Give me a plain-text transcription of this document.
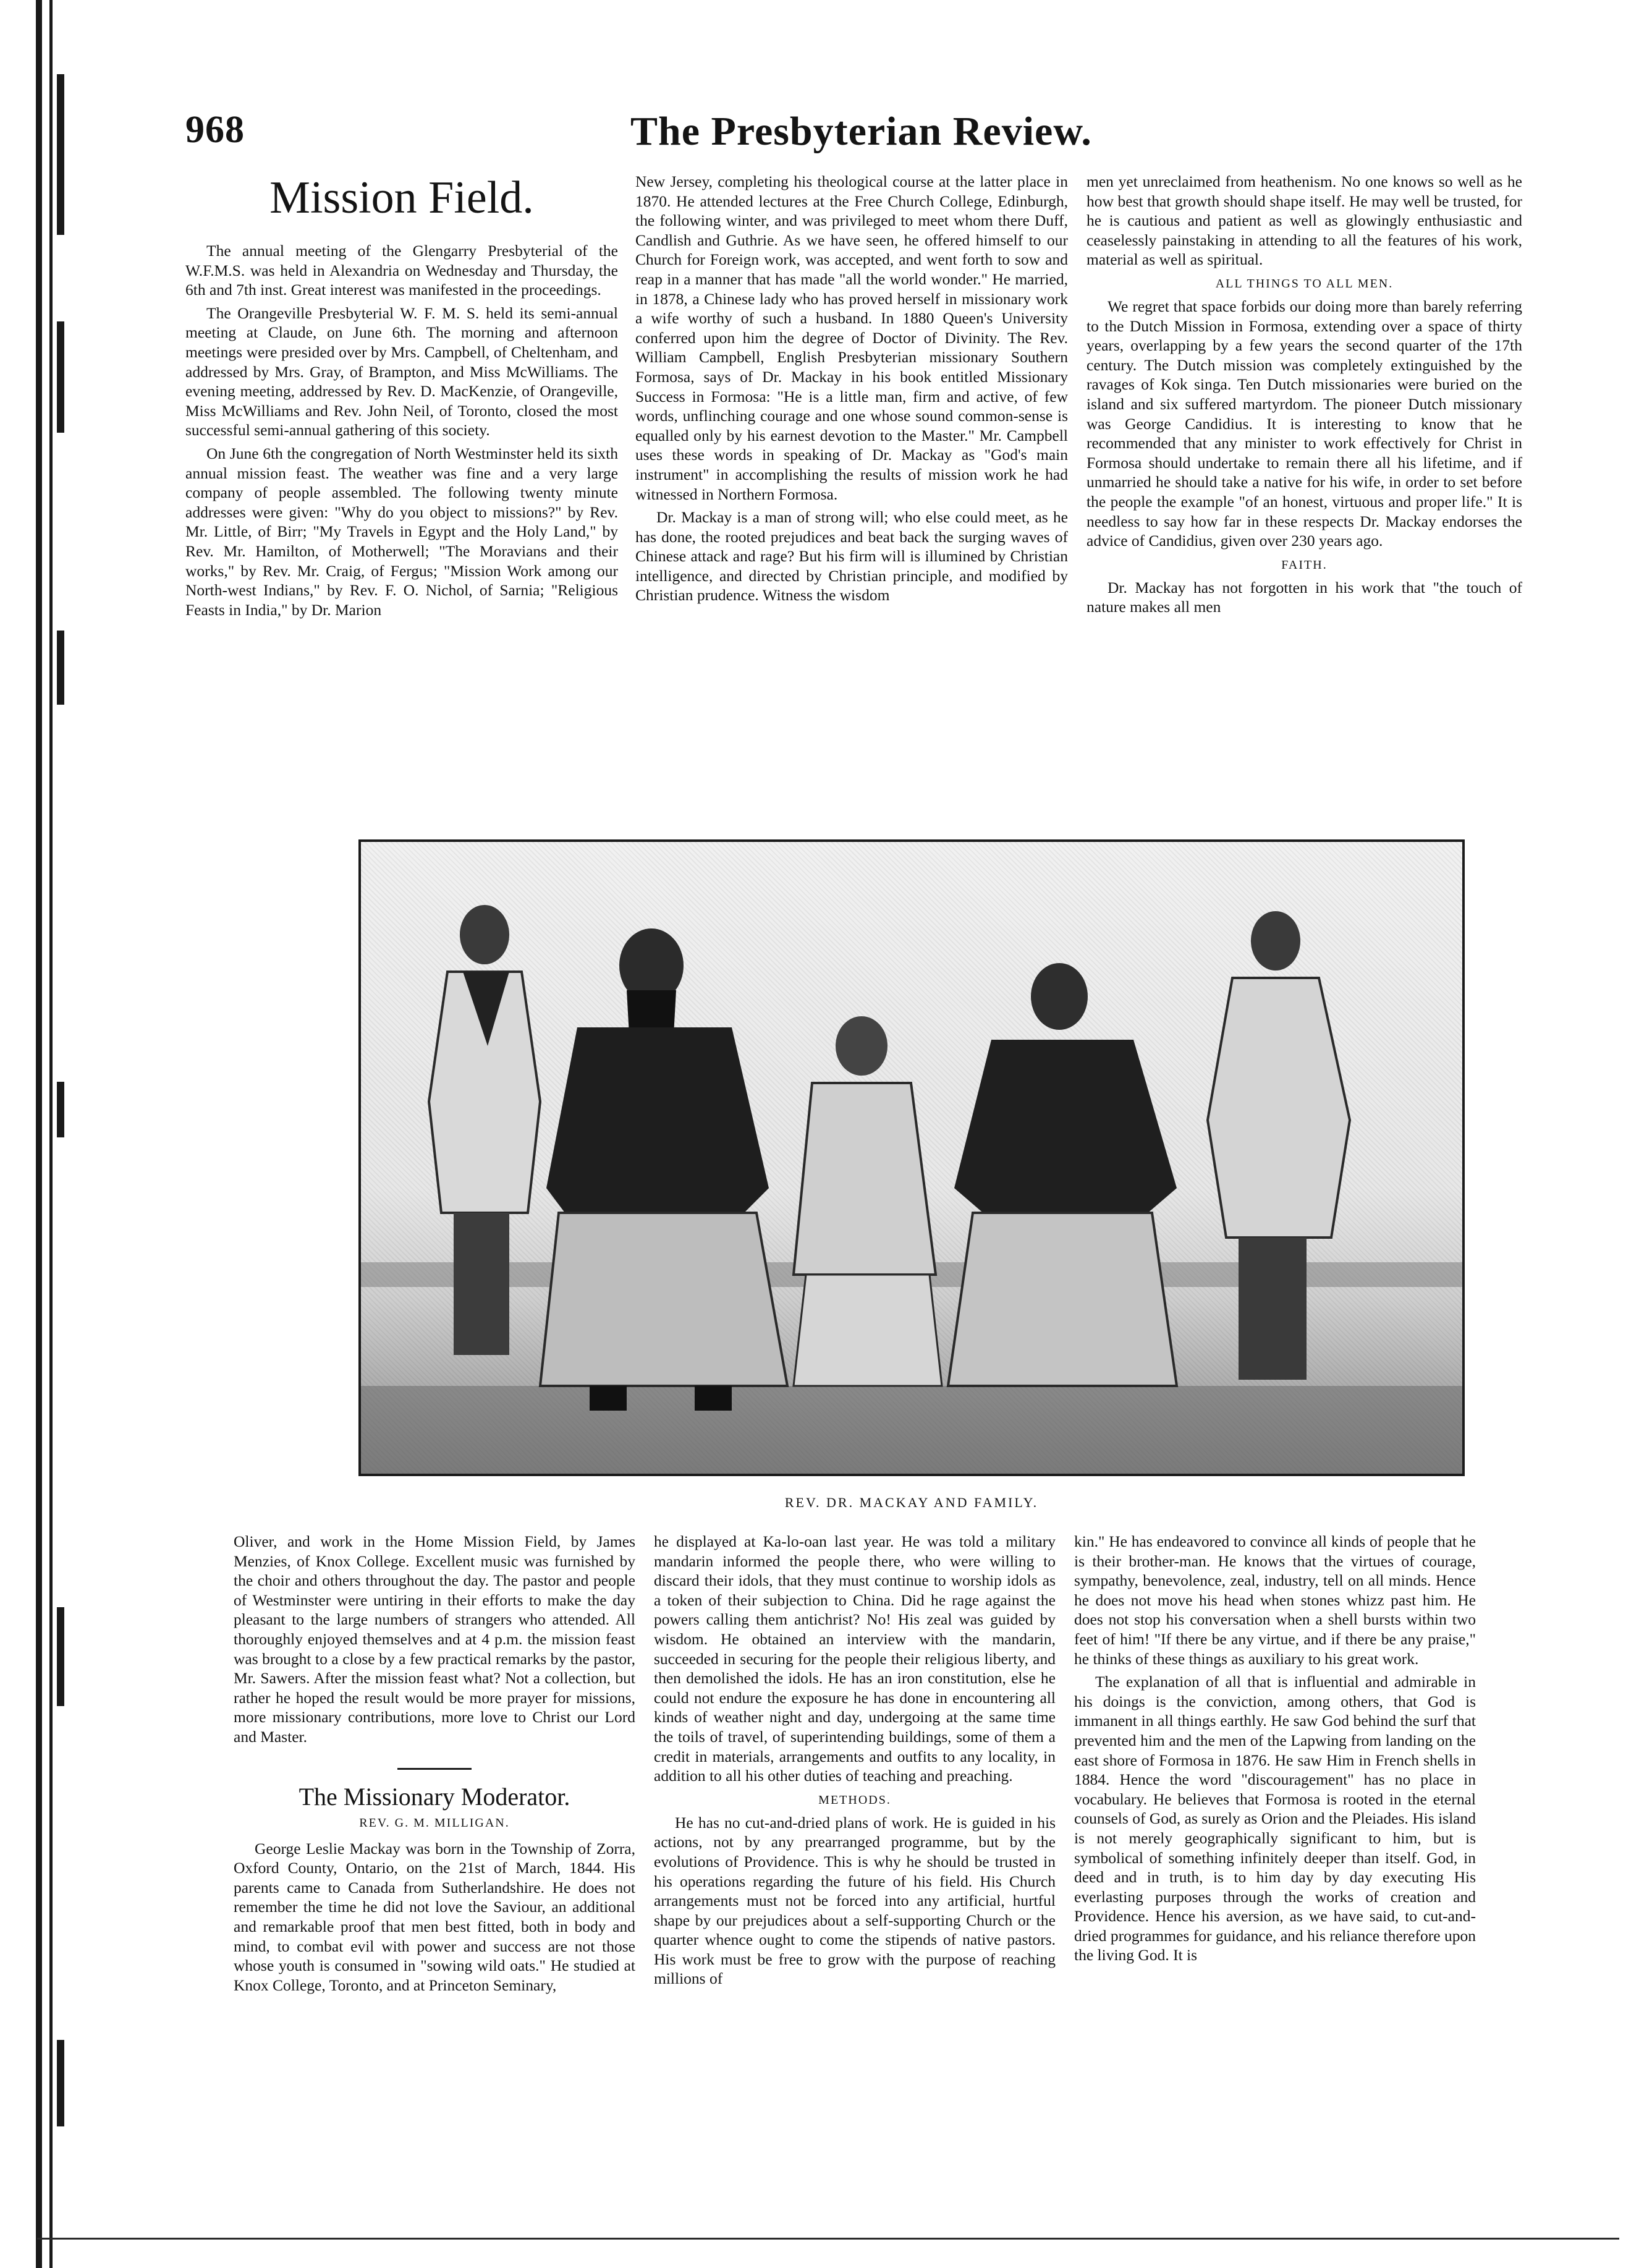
968	The Presbyterian Review.
Mission Field.

The annual meeting of the Glengarry Presbyterial of the W.F.M.S. was held in Alexandria on Wednesday and Thursday, the 6th and 7th inst. Great interest was manifested in the proceedings.

The Orangeville Presbyterial W. F. M. S. held its semi-annual meeting at Claude, on June 6th. The morning and afternoon meetings were presided over by Mrs. Campbell, of Cheltenham, and addressed by Mrs. Gray, of Brampton, and Miss McWilliams. The evening meeting, addressed by Rev. D. MacKenzie, of Orangeville, Miss McWilliams and Rev. John Neil, of Toronto, closed the most successful semi-annual gathering of this society.

On June 6th the congregation of North Westminster held its sixth annual mission feast. The weather was fine and a very large company of people assembled. The following twenty minute addresses were given: "Why do you object to missions?" by Rev. Mr. Little, of Birr; "My Travels in Egypt and the Holy Land," by Rev. Mr. Hamilton, of Motherwell; "The Moravians and their works," by Rev. Mr. Craig, of Fergus; "Mission Work among our North-west Indians," by Rev. F. O. Nichol, of Sarnia; "Religious Feasts in India," by Dr. Marion

New Jersey, completing his theological course at the latter place in 1870. He attended lectures at the Free Church College, Edinburgh, the following winter, and was privileged to meet whom there Duff, Candlish and Guthrie. As we have seen, he offered himself to our Church for Foreign work, was accepted, and went forth to sow and reap in a manner that has made "all the world wonder." He married, in 1878, a Chinese lady who has proved herself in missionary work a wife worthy of such a husband. In 1880 Queen's University conferred upon him the degree of Doctor of Divinity. The Rev. William Campbell, English Presbyterian missionary Southern Formosa, says of Dr. Mackay in his book entitled Missionary Success in Formosa: "He is a little man, firm and active, of few words, unflinching courage and one whose sound common-sense is equalled only by his earnest devotion to the Master." Mr. Campbell uses these words in speaking of Dr. Mackay as "God's main instrument" in accomplishing the results of mission work he had witnessed in Northern Formosa.

Dr. Mackay is a man of strong will; who else could meet, as he has done, the rooted prejudices and beat back the surging waves of Chinese attack and rage? But his firm will is illumined by Christian intelligence, and directed by Christian principle, and modified by Christian prudence. Witness the wisdom

men yet unreclaimed from heathenism. No one knows so well as he how best that growth should shape itself. He may well be trusted, for he is cautious and patient as well as glowingly enthusiastic and ceaselessly painstaking in attending to all the features of his work, material as well as spiritual.

ALL THINGS TO ALL MEN.

We regret that space forbids our doing more than barely referring to the Dutch Mission in Formosa, extending over a space of thirty years, overlapping by a few years the second quarter of the 17th century. The Dutch mission was completely extinguished by the ravages of Kok singa. Ten Dutch missionaries were buried on the island and six suffered martyrdom. The pioneer Dutch missionary was George Candidius. It is interesting to know that he recommended that any minister to work effectively for Christ in Formosa should undertake to remain there all his lifetime, and if unmarried he should take a native for his wife, in order to set before the people the example "of an honest, virtuous and proper life." It is needless to say how far in these respects Dr. Mackay endorses the advice of Candidius, given over 230 years ago.

FAITH.

Dr. Mackay has not forgotten in his work that "the touch of nature makes all men

REV. DR. MACKAY AND FAMILY.

Oliver, and work in the Home Mission Field, by James Menzies, of Knox College. Excellent music was furnished by the choir and others throughout the day. The pastor and people of Westminster were untiring in their efforts to make the day pleasant to the large numbers of strangers who attended. All thoroughly enjoyed themselves and at 4 p.m. the mission feast was brought to a close by a few practical remarks by the pastor, Mr. Sawers. After the mission feast what? Not a collection, but rather he hoped the result would be more prayer for missions, more missionary contributions, more love to Christ our Lord and Master.

The Missionary Moderator.
REV. G. M. MILLIGAN.

George Leslie Mackay was born in the Township of Zorra, Oxford County, Ontario, on the 21st of March, 1844. His parents came to Canada from Sutherlandshire. He does not remember the time he did not love the Saviour, an additional and remarkable proof that men best fitted, both in body and mind, to combat evil with power and success are not those whose youth is consumed in "sowing wild oats." He studied at Knox College, Toronto, and at Princeton Seminary,

he displayed at Ka-lo-oan last year. He was told a military mandarin informed the people there, who were willing to discard their idols, that they must continue to worship idols as a token of their subjection to China. Did he rage against the powers calling them antichrist? No! His zeal was guided by wisdom. He obtained an interview with the mandarin, succeeded in securing for the people their religious liberty, and then demolished the idols. He has an iron constitution, else he could not endure the exposure he has done in encountering all kinds of weather night and day, undergoing at the same time the toils of travel, of superintending buildings, some of them a credit in materials, arrangements and outfits to any locality, in addition to all his other duties of teaching and preaching.

METHODS.

He has no cut-and-dried plans of work. He is guided in his actions, not by any prearranged programme, but by the evolutions of Providence. This is why he should be trusted in his operations regarding the future of his field. His Church arrangements must not be forced into any artificial, hurtful shape by our prejudices about a self-supporting Church or the quarter whence ought to come the stipends of native pastors. His work must be free to grow with the purpose of reaching millions of

kin." He has endeavored to convince all kinds of people that he is their brother-man. He knows that the virtues of courage, sympathy, benevolence, zeal, industry, tell on all minds. Hence he does not move his head when stones whizz past him. He does not stop his conversation when a shell bursts within two feet of him! "If there be any virtue, and if there be any praise," he thinks of these things as auxiliary to his great work.

The explanation of all that is influential and admirable in his doings is the conviction, among others, that God is immanent in all things earthly. He saw God behind the surf that prevented him and the men of the Lapwing from landing on the east shore of Formosa in 1876. He saw Him in French shells in 1884. Hence the word "discouragement" has no place in vocabulary. He believes that Formosa is rooted in the eternal counsels of God, as surely as Orion and the Pleiades. His island is not merely geographically significant to him, but is symbolical of something infinitely deeper than itself. God, in deed and in truth, is to him day by day executing His everlasting purposes through the works of creation and Providence. Hence his aversion, as we have said, to cut-and-dried programmes for guidance, and his reliance therefore upon the living God. It is
